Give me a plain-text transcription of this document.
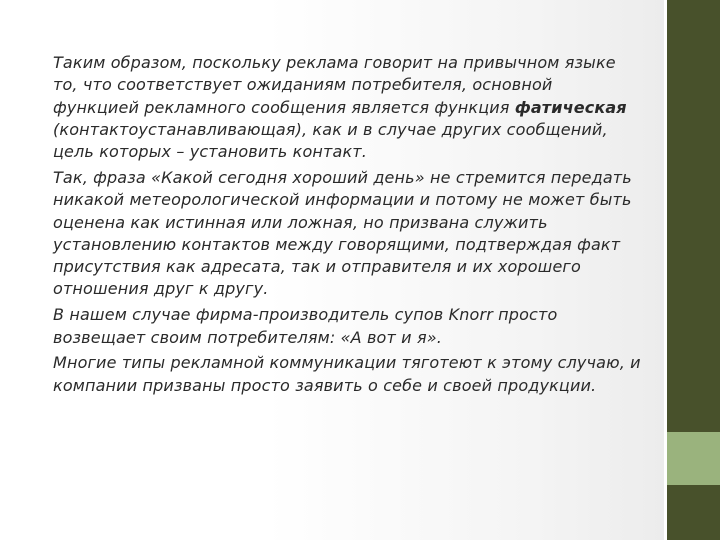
Таким образом, поскольку реклама говорит на привычном языке то, что соответствует ожиданиям потребителя, основной функцией рекламного сообщения является функция фатическая (контактоустанавливающая), как и в случае других сообщений, цель которых – установить контакт.

Так, фраза «Какой сегодня хороший день» не стремится передать никакой метеорологической информации и потому не может быть оценена как истинная или ложная, но призвана служить установлению контактов между говорящими, подтверждая факт присутствия как адресата, так и отправителя и их хорошего отношения друг к другу.

В нашем случае фирма-производитель супов Knorr просто возвещает своим потребителям: «А вот и я».

Многие типы рекламной коммуникации тяготеют к этому случаю, и компании призваны просто заявить о себе и своей продукции.
